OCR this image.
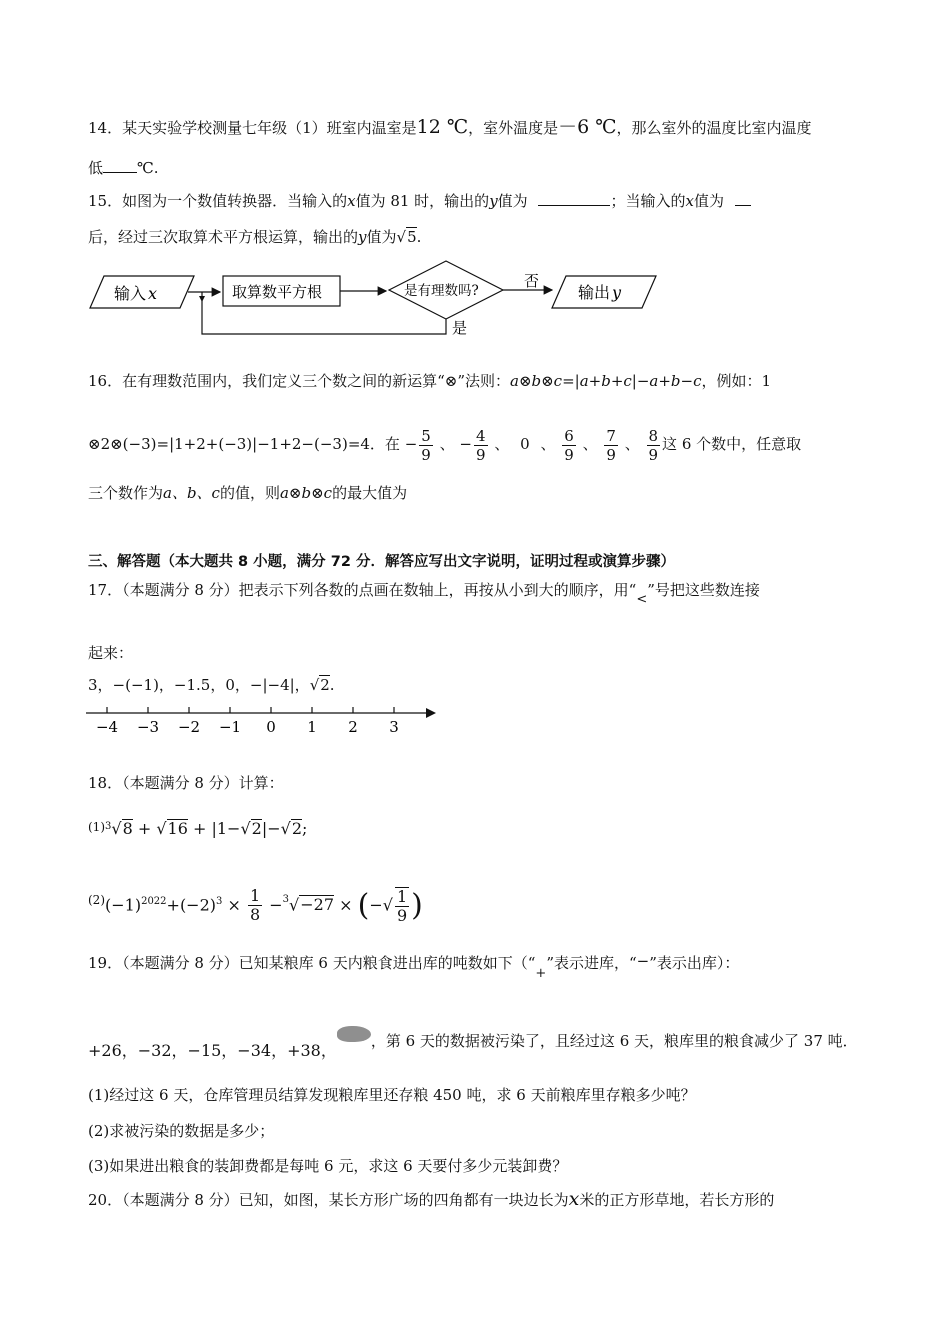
14．某天实验学校测量七年级（1）班室内温室是12 ℃，室外温度是－6 ℃，那么室外的温度比室内温度
低 ℃.
15．如图为一个数值转换器．当输入的x值为 81 时，输出的y值为	；当输入的x值为
后，经过三次取算术平方根运算，输出的y值为√5.
输入 x	取算数平方根	是有理数吗?
否
输出 y
是
16．在有理数范围内，我们定义三个数之间的新运算“⊗”法则：a⊗b⊗c=|a+b+c|−a+b−c，例如：1
⊗2⊗(−3)=|1+2+(−3)|−1+2−(−3)=4．在 − $\frac{5}{9}$ 、 − $\frac{4}{9}$ 、 0 、 $\frac{6}{9}$ 、 $\frac{7}{9}$ 、 $\frac{8}{9}$ 这 6 个数中，任意取
三个数作为a、b、c的值，则a⊗b⊗c的最大值为
三、解答题（本大题共 8 小题，满分 72 分．解答应写出文字说明，证明过程或演算步骤）
17．（本题满分 8 分）把表示下列各数的点画在数轴上，再按从小到大的顺序，用“<”号把这些数连接
起来：
3，−(−1)，−1.5，0，−|−4|，√2.
−4 −3 −2 −1 0 1 2 3
18．（本题满分 8 分）计算：
$^{(1)3}$√8 + √16 + |1−√2|−√2;
$^{(2)}(-1)^{2022}+(-2)^3 \times \frac{1}{8} -^3√-27$ × (−√ $\frac{1}{9}$ )
19．（本题满分 8 分）已知某粮库 6 天内粮食进出库的吨数如下（“+”表示进库，“−”表示出库）：
+26，−32，−15，−34，+38， ，第 6 天的数据被污染了，且经过这 6 天，粮库里的粮食减少了 37 吨．
(1)经过这 6 天，仓库管理员结算发现粮库里还存粮 450 吨，求 6 天前粮库里存粮多少吨？
(2)求被污染的数据是多少；
(3)如果进出粮食的装卸费都是每吨 6 元，求这 6 天要付多少元装卸费？
20．（本题满分 8 分）已知，如图，某长方形广场的四角都有一块边长为x米的正方形草地，若长方形的
